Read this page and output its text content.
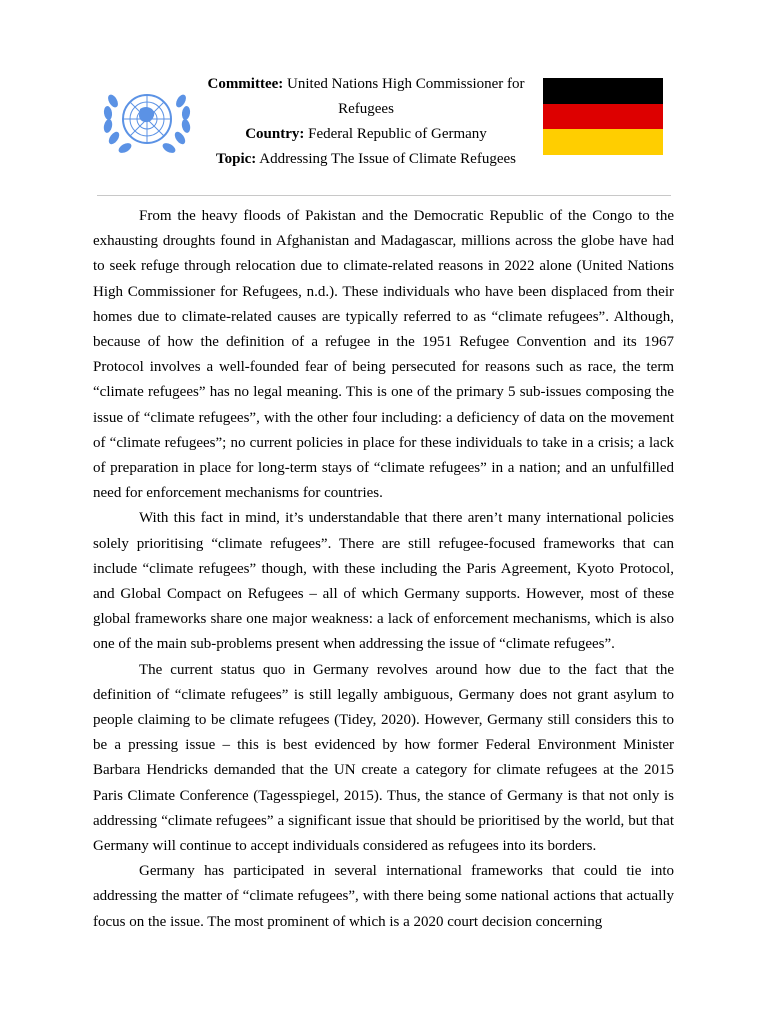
Committee: United Nations High Commissioner for Refugees
Country: Federal Republic of Germany
Topic: Addressing The Issue of Climate Refugees

From the heavy floods of Pakistan and the Democratic Republic of the Congo to the exhausting droughts found in Afghanistan and Madagascar, millions across the globe have had to seek refuge through relocation due to climate-related reasons in 2022 alone (United Nations High Commissioner for Refugees, n.d.). These individuals who have been displaced from their homes due to climate-related causes are typically referred to as “climate refugees”. Although, because of how the definition of a refugee in the 1951 Refugee Convention and its 1967 Protocol involves a well-founded fear of being persecuted for reasons such as race, the term “climate refugees” has no legal meaning. This is one of the primary 5 sub-issues composing the issue of “climate refugees”, with the other four including: a deficiency of data on the movement of “climate refugees”; no current policies in place for these individuals to take in a crisis; a lack of preparation in place for long-term stays of “climate refugees” in a nation; and an unfulfilled need for enforcement mechanisms for countries.

With this fact in mind, it’s understandable that there aren’t many international policies solely prioritising “climate refugees”. There are still refugee-focused frameworks that can include “climate refugees” though, with these including the Paris Agreement, Kyoto Protocol, and Global Compact on Refugees – all of which Germany supports. However, most of these global frameworks share one major weakness: a lack of enforcement mechanisms, which is also one of the main sub-problems present when addressing the issue of “climate refugees”.

The current status quo in Germany revolves around how due to the fact that the definition of “climate refugees” is still legally ambiguous, Germany does not grant asylum to people claiming to be climate refugees (Tidey, 2020). However, Germany still considers this to be a pressing issue – this is best evidenced by how former Federal Environment Minister Barbara Hendricks demanded that the UN create a category for climate refugees at the 2015 Paris Climate Conference (Tagesspiegel, 2015). Thus, the stance of Germany is that not only is addressing “climate refugees” a significant issue that should be prioritised by the world, but that Germany will continue to accept individuals considered as refugees into its borders.

Germany has participated in several international frameworks that could tie into addressing the matter of “climate refugees”, with there being some national actions that actually focus on the issue. The most prominent of which is a 2020 court decision concerning
